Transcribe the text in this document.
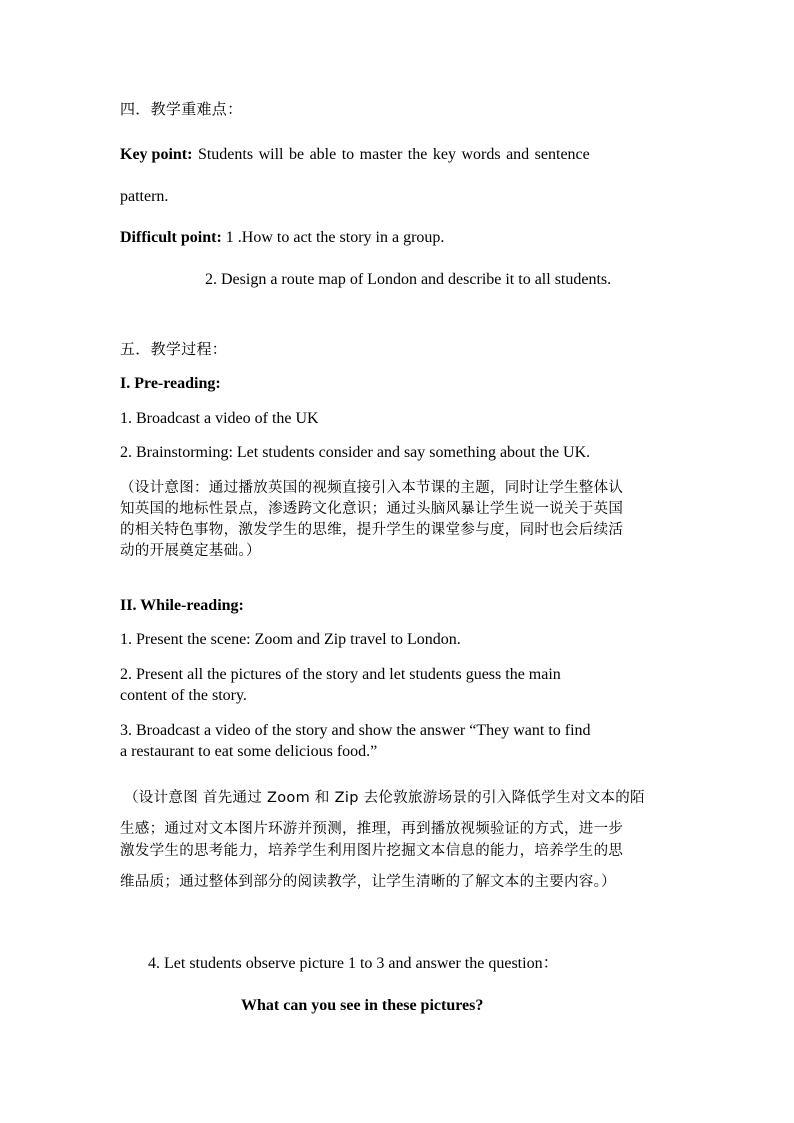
四．教学重难点：
Key point: Students will be able to master the key words and sentence
pattern.
Difficult point: 1 .How to act the story in a group.
2. Design a route map of London and describe it to all students.
五．教学过程：
I. Pre-reading:
1. Broadcast a video of the UK
2. Brainstorming: Let students consider and say something about the UK.
（设计意图：通过播放英国的视频直接引入本节课的主题，同时让学生整体认
知英国的地标性景点，渗透跨文化意识；通过头脑风暴让学生说一说关于英国
的相关特色事物，激发学生的思维，提升学生的课堂参与度，同时也会后续活
动的开展奠定基础。）
II. While-reading:
1. Present the scene: Zoom and Zip travel to London.
2. Present all the pictures of the story and let students guess the main
content of the story.
3. Broadcast a video of the story and show the answer “They want to find
a restaurant to eat some delicious food.”
（设计意图 首先通过 Zoom 和 Zip 去伦敦旅游场景的引入降低学生对文本的陌
生感；通过对文本图片环游并预测，推理，再到播放视频验证的方式，进一步
激发学生的思考能力，培养学生利用图片挖掘文本信息的能力，培养学生的思
维品质；通过整体到部分的阅读教学，让学生清晰的了解文本的主要内容。）
4. Let students observe picture 1 to 3 and answer the question：
What can you see in these pictures?
